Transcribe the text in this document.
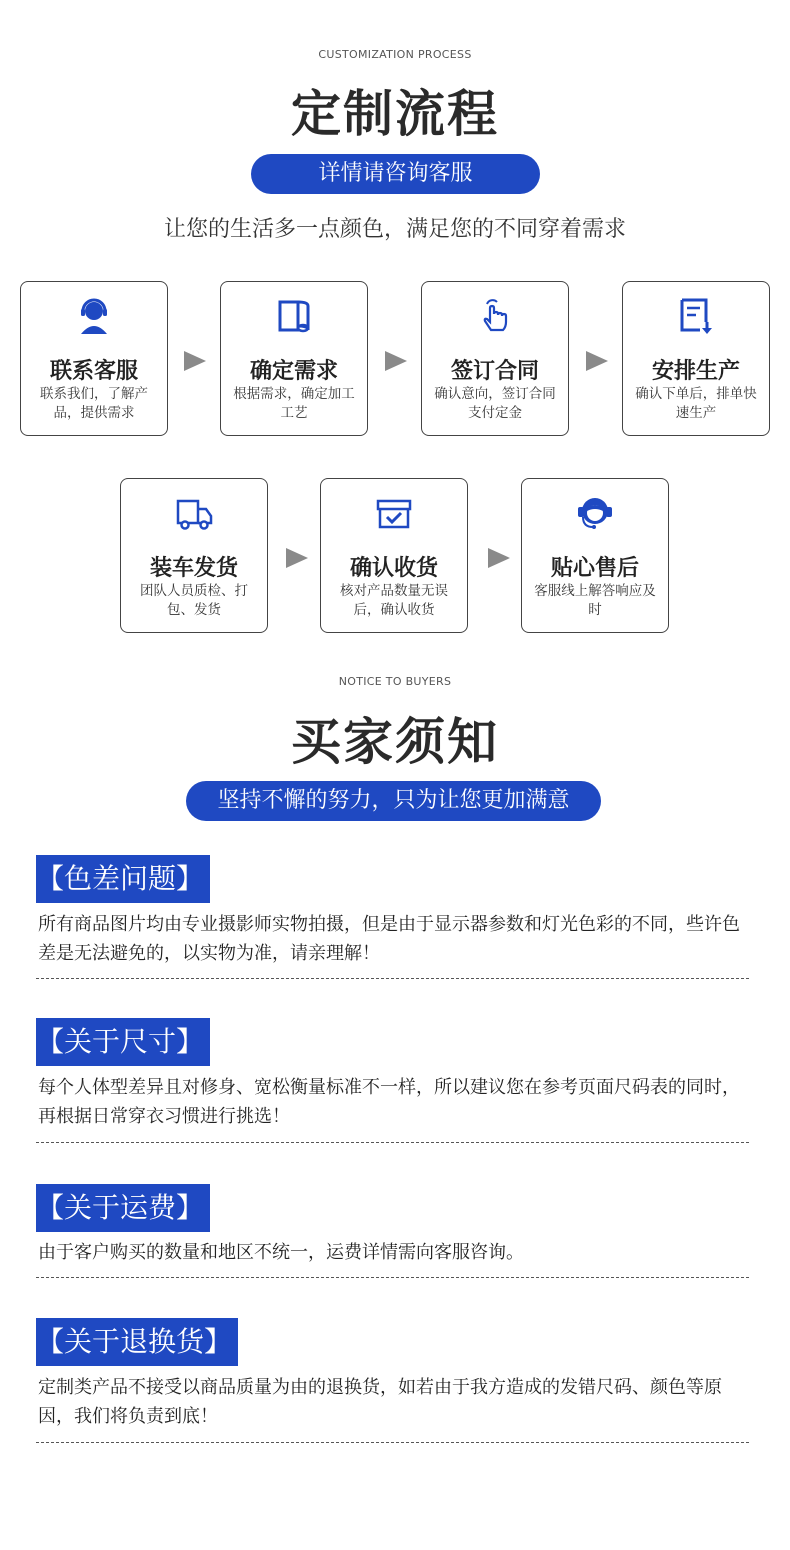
CUSTOMIZATION PROCESS
定制流程
详情请咨询客服
让您的生活多一点颜色，满足您的不同穿着需求
联系客服
联系我们，了解产品，提供需求
确定需求
根据需求，确定加工工艺
签订合同
确认意向，签订合同支付定金
安排生产
确认下单后，排单快速生产
装车发货
团队人员质检、打包、发货
确认收货
核对产品数量无误后，确认收货
贴心售后
客服线上解答响应及时
NOTICE TO BUYERS
买家须知
坚持不懈的努力，只为让您更加满意
【色差问题】
所有商品图片均由专业摄影师实物拍摄，但是由于显示器参数和灯光色彩的不同，些许色差是无法避免的，以实物为准，请亲理解！
【关于尺寸】
每个人体型差异且对修身、宽松衡量标准不一样，所以建议您在参考页面尺码表的同时，再根据日常穿衣习惯进行挑选！
【关于运费】
由于客户购买的数量和地区不统一，运费详情需向客服咨询。
【关于退换货】
定制类产品不接受以商品质量为由的退换货，如若由于我方造成的发错尺码、颜色等原因，我们将负责到底！
